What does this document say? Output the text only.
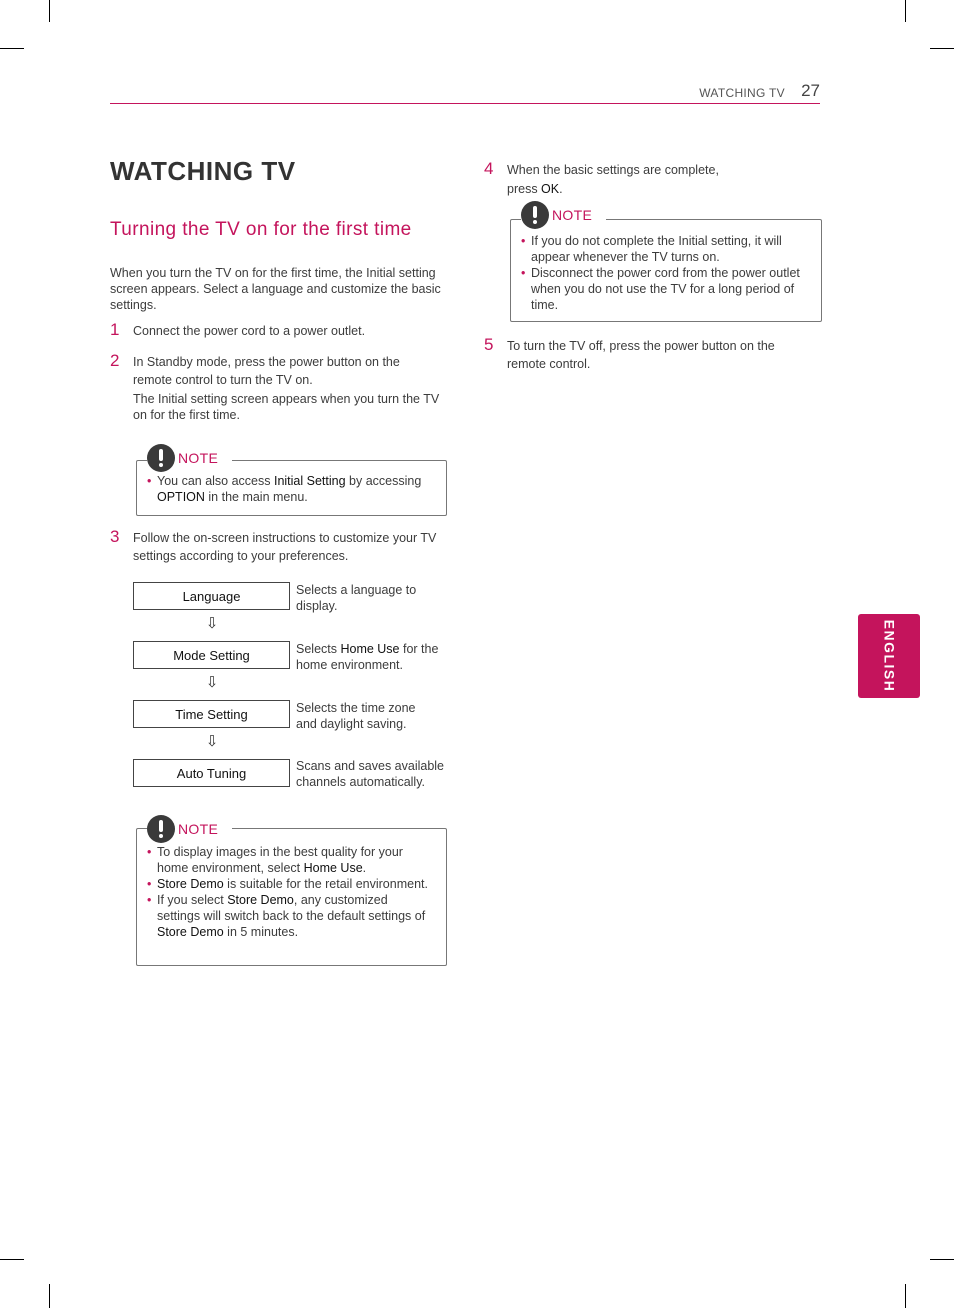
WATCHING TV 27
WATCHING TV
Turning the TV on for the first time
When you turn the TV on for the first time, the Initial setting screen appears. Select a language and customize the basic settings.
1 Connect the power cord to a power outlet.
2 In Standby mode, press the power button on the remote control to turn the TV on.
The Initial setting screen appears when you turn the TV on for the first time.
NOTE
• You can also access Initial Setting by accessing OPTION in the main menu.
3 Follow the on-screen instructions to customize your TV settings according to your preferences.
Language	Selects a language to display.
⇩
Mode Setting	Selects Home Use for the home environment.
⇩
Time Setting	Selects the time zone and daylight saving.
⇩
Auto Tuning	Scans and saves available channels automatically.
NOTE
• To display images in the best quality for your home environment, select Home Use.
• Store Demo is suitable for the retail environment.
• If you select Store Demo, any customized settings will switch back to the default settings of Store Demo in 5 minutes.
4 When the basic settings are complete,
press OK.
NOTE
• If you do not complete the Initial setting, it will appear whenever the TV turns on.
• Disconnect the power cord from the power outlet when you do not use the TV for a long period of time.
5 To turn the TV off, press the power button on the remote control.
ENGLISH
